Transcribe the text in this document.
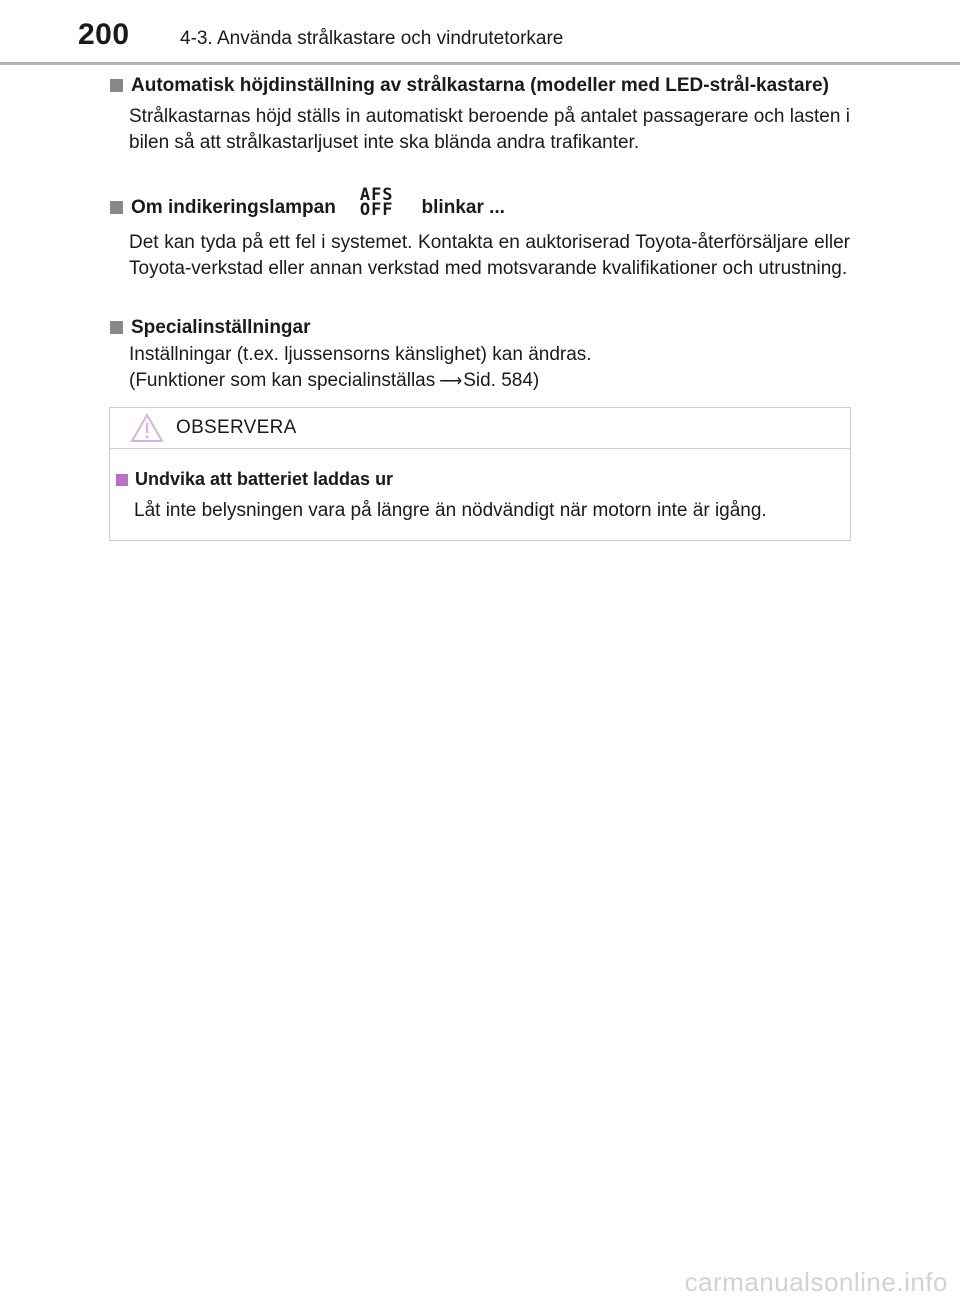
200	4-3. Använda strålkastare och vindrutetorkare
Automatisk höjdinställning av strålkastarna (modeller med LED-strål-kastare)
Strålkastarnas höjd ställs in automatiskt beroende på antalet passagerare och lasten i bilen så att strålkastarljuset inte ska blända andra trafikanter.
Om indikeringslampan
AFS
OFF blinkar ...
Det kan tyda på ett fel i systemet. Kontakta en auktoriserad Toyota-återförsäljare eller Toyota-verkstad eller annan verkstad med motsvarande kvalifikationer och utrustning.
Specialinställningar
Inställningar (t.ex. ljussensorns känslighet) kan ändras.
(Funktioner som kan specialinställas ⟶Sid. 584)
OBSERVERA
Undvika att batteriet laddas ur
Låt inte belysningen vara på längre än nödvändigt när motorn inte är igång.
carmanualsonline.info
